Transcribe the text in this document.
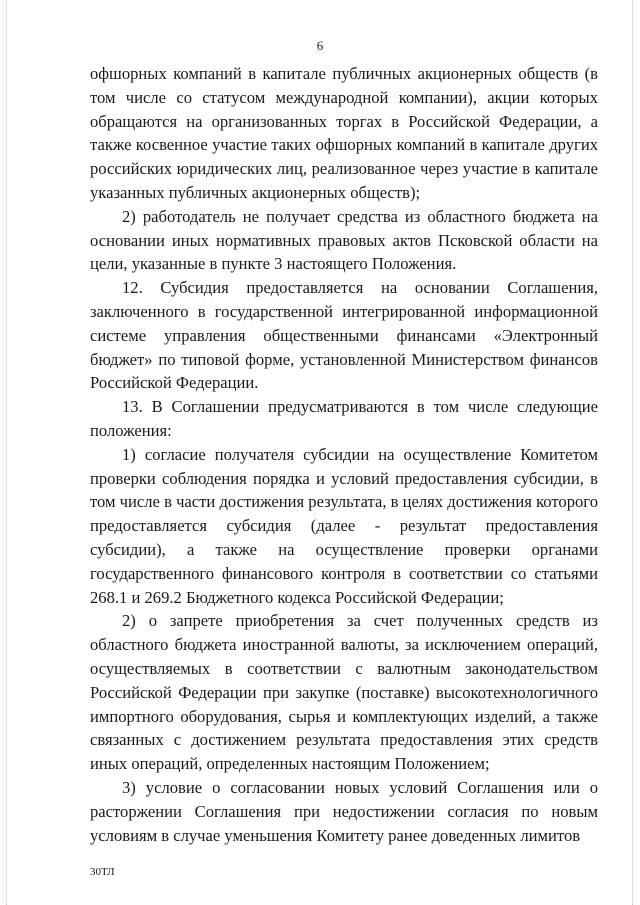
6

офшорных компаний в капитале публичных акционерных обществ (в том числе со статусом международной компании), акции которых обращаются на организованных торгах в Российской Федерации, а также косвенное участие таких офшорных компаний в капитале других российских юридических лиц, реализованное через участие в капитале указанных публичных акционерных обществ);

2) работодатель не получает средства из областного бюджета на основании иных нормативных правовых актов Псковской области на цели, указанные в пункте 3 настоящего Положения.

12. Субсидия предоставляется на основании Соглашения, заключенного в государственной интегрированной информационной системе управления общественными финансами «Электронный бюджет» по типовой форме, установленной Министерством финансов Российской Федерации.

13. В Соглашении предусматриваются в том числе следующие положения:

1) согласие получателя субсидии на осуществление Комитетом проверки соблюдения порядка и условий предоставления субсидии, в том числе в части достижения результата, в целях достижения которого предоставляется субсидия (далее - результат предоставления субсидии), а также на осуществление проверки органами государственного финансового контроля в соответствии со статьями 268.1 и 269.2 Бюджетного кодекса Российской Федерации;

2) о запрете приобретения за счет полученных средств из областного бюджета иностранной валюты, за исключением операций, осуществляемых в соответствии с валютным законодательством Российской Федерации при закупке (поставке) высокотехнологичного импортного оборудования, сырья и комплектующих изделий, а также связанных с достижением результата предоставления этих средств иных операций, определенных настоящим Положением;

3) условие о согласовании новых условий Соглашения или о расторжении Соглашения при недостижении согласия по новым условиям в случае уменьшения Комитету ранее доведенных лимитов

30ТЛ
